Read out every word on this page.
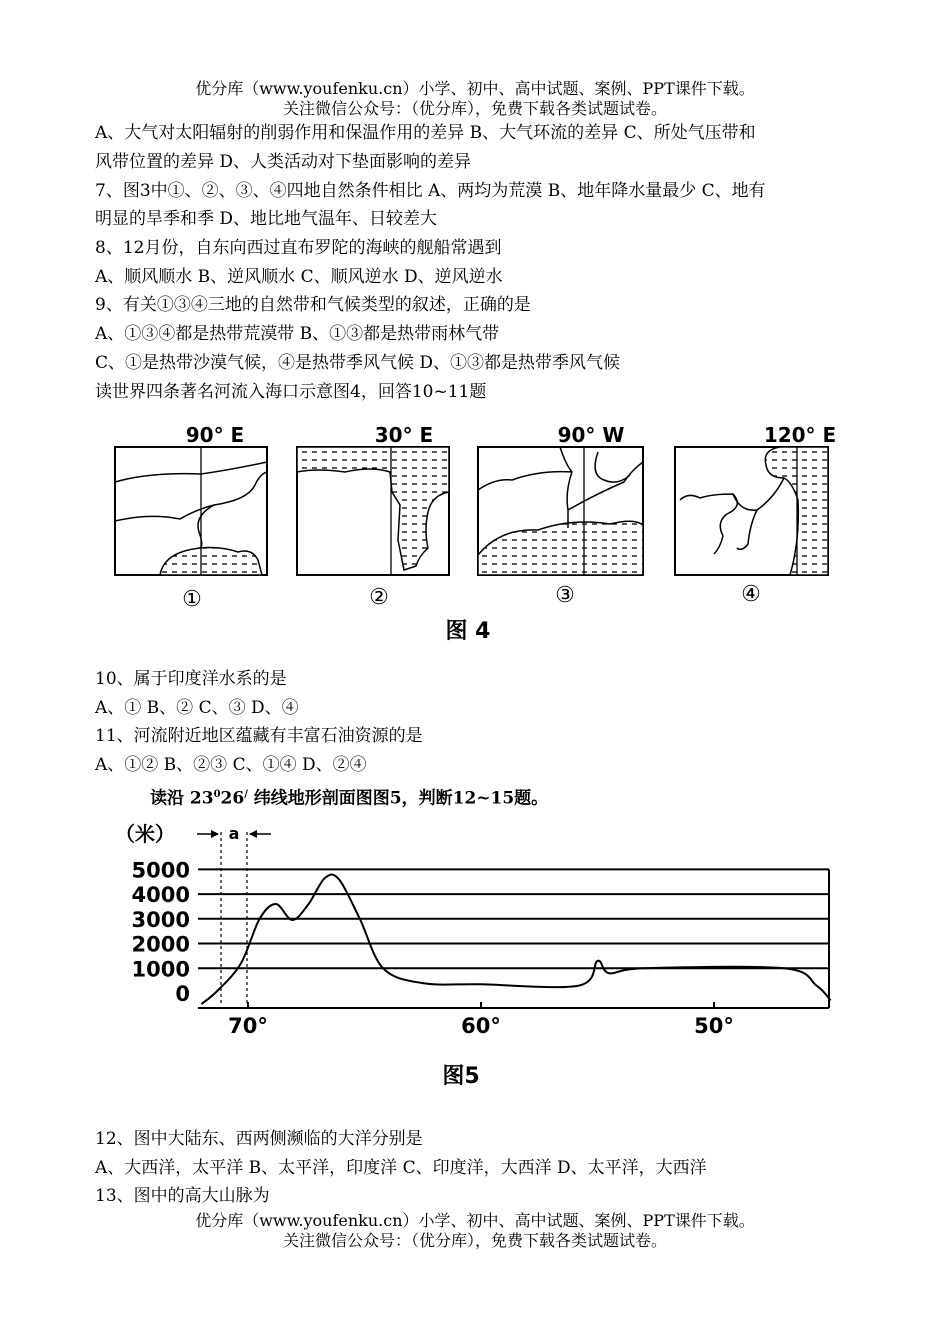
优分库（www.youfenku.cn）小学、初中、高中试题、案例、PPT课件下载。
关注微信公众号：（优分库），免费下载各类试题试卷。
A、大气对太阳辐射的削弱作用和保温作用的差异 B、大气环流的差异 C、所处气压带和
风带位置的差异 D、人类活动对下垫面影响的差异
7、图3中①、②、③、④四地自然条件相比 A、两均为荒漠 B、地年降水量最少 C、地有
明显的旱季和季 D、地比地气温年、日较差大
8、12月份，自东向西过直布罗陀的海峡的舰船常遇到
A、顺风顺水 B、逆风顺水 C、顺风逆水 D、逆风逆水
9、有关①③④三地的自然带和气候类型的叙述，正确的是
A、①③④都是热带荒漠带 B、①③都是热带雨林气带
C、①是热带沙漠气候，④是热带季风气候 D、①③都是热带季风气候
读世界四条著名河流入海口示意图4，回答10~11题
90° E	30° E	90° W	120° E
①	②	③	④
图 4
10、属于印度洋水系的是
A、① B、② C、③ D、④
11、河流附近地区蕴藏有丰富石油资源的是
A、①② B、②③ C、①④ D、②④
读沿 $23^026^/$ 纬线地形剖面图图5，判断12~15题。
5000
4000
3000
2000
1000
0
70°	60°	50°
（米）	a
图5
12、图中大陆东、西两侧濒临的大洋分别是
A、大西洋，太平洋 B、太平洋，印度洋 C、印度洋，大西洋 D、太平洋，大西洋
13、图中的高大山脉为
优分库（www.youfenku.cn）小学、初中、高中试题、案例、PPT课件下载。
关注微信公众号：（优分库），免费下载各类试题试卷。
